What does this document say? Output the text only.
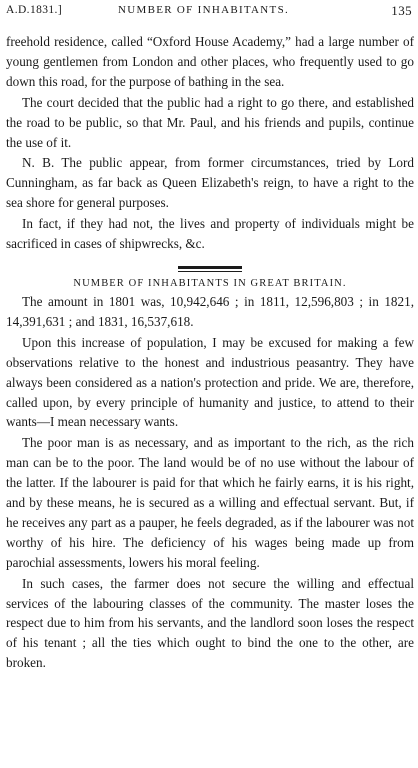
A.D.1831.]	NUMBER OF INHABITANTS.	135

freehold residence, called “Oxford House Academy,” had a large number of young gentlemen from London and other places, who frequently used to go down this road, for the purpose of bathing in the sea.

The court decided that the public had a right to go there, and established the road to be public, so that Mr. Paul, and his friends and pupils, continue the use of it.

N. B. The public appear, from former circumstances, tried by Lord Cunningham, as far back as Queen Elizabeth's reign, to have a right to the sea shore for general purposes.

In fact, if they had not, the lives and property of individuals might be sacrificed in cases of shipwrecks, &c.

NUMBER OF INHABITANTS IN GREAT BRITAIN.

The amount in 1801 was, 10,942,646 ; in 1811, 12,596,803 ; in 1821, 14,391,631 ; and 1831, 16,537,618.

Upon this increase of population, I may be excused for making a few observations relative to the honest and industrious peasantry. They have always been considered as a nation's protection and pride. We are, therefore, called upon, by every principle of humanity and justice, to attend to their wants—I mean necessary wants.

The poor man is as necessary, and as important to the rich, as the rich man can be to the poor. The land would be of no use without the labour of the latter. If the labourer is paid for that which he fairly earns, it is his right, and by these means, he is secured as a willing and effectual servant. But, if he receives any part as a pauper, he feels degraded, as if the labourer was not worthy of his hire. The deficiency of his wages being made up from parochial assessments, lowers his moral feeling.

In such cases, the farmer does not secure the willing and effectual services of the labouring classes of the community. The master loses the respect due to him from his servants, and the landlord soon loses the respect of his tenant ; all the ties which ought to bind the one to the other, are broken.
